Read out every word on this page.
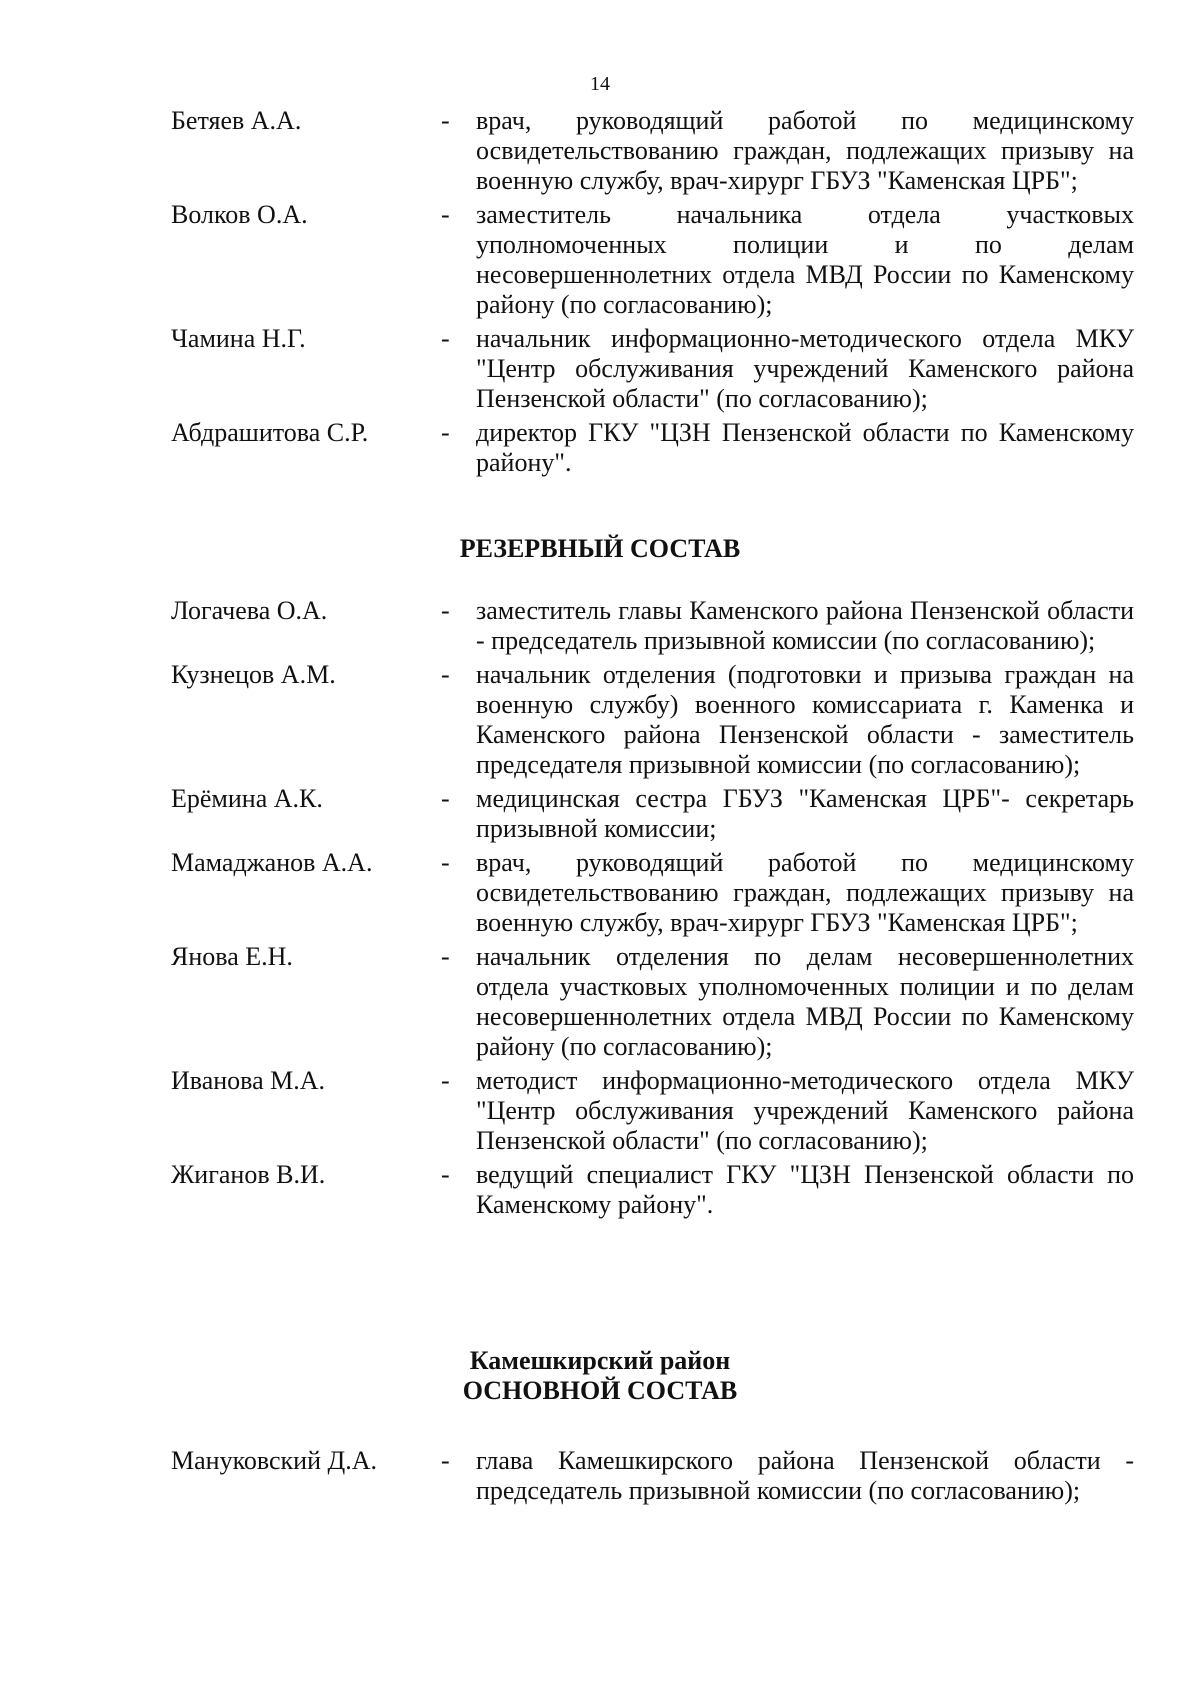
14
Бетяев А.А.	- врач, руководящий работой по медицинскому освидетельствованию граждан, подлежащих призыву на военную службу, врач-хирург ГБУЗ "Каменская ЦРБ";
Волков О.А.	- заместитель начальника отдела участковых уполномоченных полиции и по делам несовершеннолетних отдела МВД России по Каменскому району (по согласованию);
Чамина Н.Г.	- начальник информационно-методического отдела МКУ "Центр обслуживания учреждений Каменского района Пензенской области" (по согласованию);
Абдрашитова С.Р.	- директор ГКУ "ЦЗН Пензенской области по Каменскому району".
РЕЗЕРВНЫЙ СОСТАВ
Логачева О.А.	- заместитель главы Каменского района Пензенской области - председатель призывной комиссии (по согласованию);
Кузнецов А.М.	- начальник отделения (подготовки и призыва граждан на военную службу) военного комиссариата г. Каменка и Каменского района Пензенской области - заместитель председателя призывной комиссии (по согласованию);
Ерёмина А.К.	- медицинская сестра ГБУЗ "Каменская ЦРБ"- секретарь призывной комиссии;
Мамаджанов А.А.	- врач, руководящий работой по медицинскому освидетельствованию граждан, подлежащих призыву на военную службу, врач-хирург ГБУЗ "Каменская ЦРБ";
Янова Е.Н.	- начальник отделения по делам несовершеннолетних отдела участковых уполномоченных полиции и по делам несовершеннолетних отдела МВД России по Каменскому району (по согласованию);
Иванова М.А.	- методист информационно-методического отдела МКУ "Центр обслуживания учреждений Каменского района Пензенской области" (по согласованию);
Жиганов В.И.	- ведущий специалист ГКУ "ЦЗН Пензенской области по Каменскому району".
Камешкирский район
ОСНОВНОЙ СОСТАВ
Мануковский Д.А. - глава Камешкирского района Пензенской области - председатель призывной комиссии (по согласованию);
